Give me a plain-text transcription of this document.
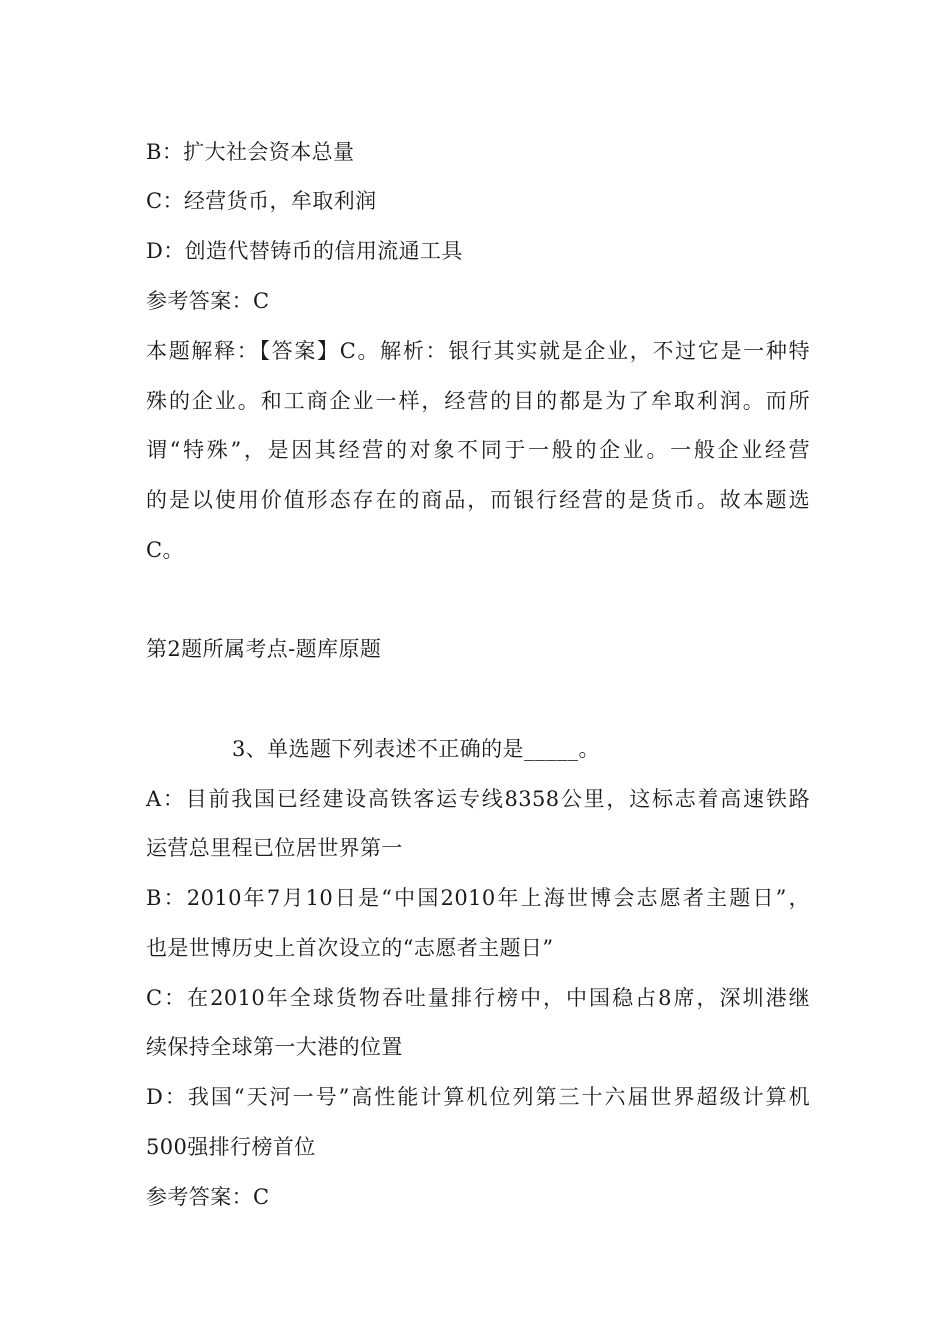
B：扩大社会资本总量
C：经营货币，牟取利润
D：创造代替铸币的信用流通工具
参考答案：C
本题解释：【答案】C。解析：银行其实就是企业，不过它是一种特
殊的企业。和工商企业一样，经营的目的都是为了牟取利润。而所
谓“特殊”，是因其经营的对象不同于一般的企业。一般企业经营
的是以使用价值形态存在的商品，而银行经营的是货币。故本题选
C。
第2题所属考点-题库原题
3、单选题下列表述不正确的是_____。
A：目前我国已经建设高铁客运专线8358公里，这标志着高速铁路
运营总里程已位居世界第一
B：2010年7月10日是“中国2010年上海世博会志愿者主题日”，
也是世博历史上首次设立的“志愿者主题日”
C：在2010年全球货物吞吐量排行榜中，中国稳占8席，深圳港继
续保持全球第一大港的位置
D：我国“天河一号”高性能计算机位列第三十六届世界超级计算机
500强排行榜首位
参考答案：C
